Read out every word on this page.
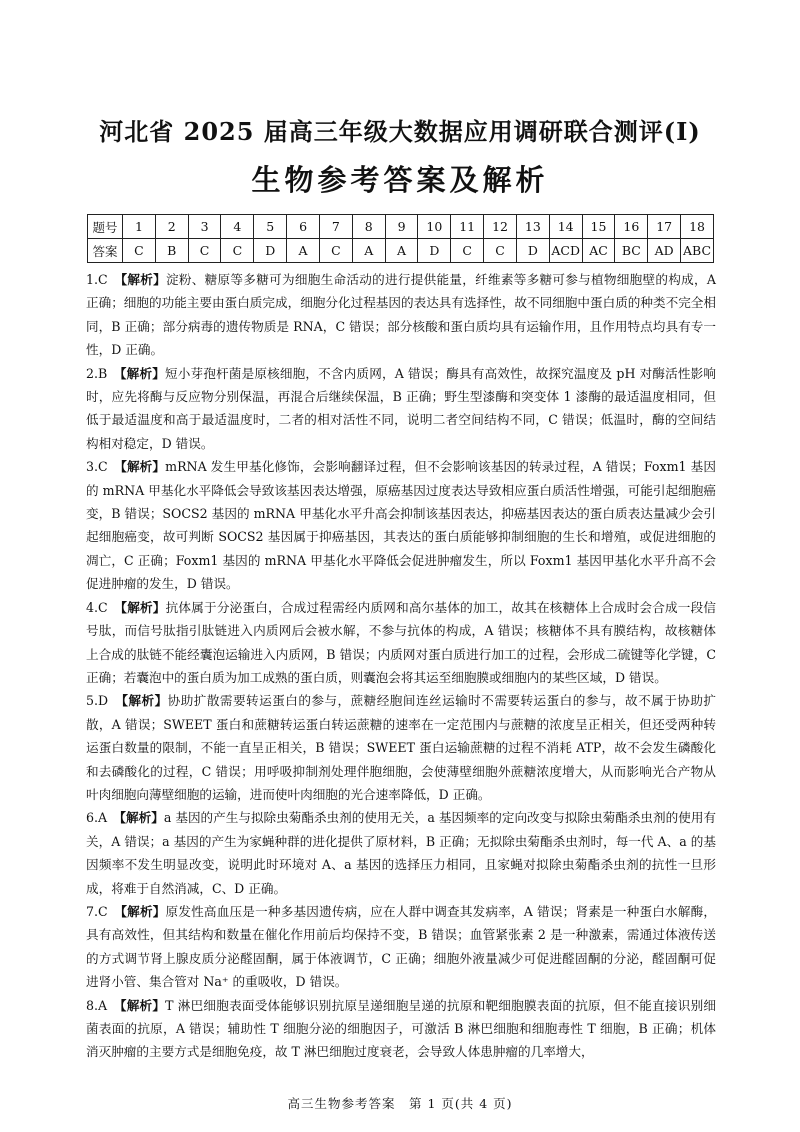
河北省 2025 届高三年级大数据应用调研联合测评(Ⅰ)
生物参考答案及解析
题号	1	2	3	4	5	6	7	8	9	10	11	12	13	14	15	16	17	18
答案	C	B	C	C	D	A	C	A	A	D	C	C	D	ACD	AC	BC	AD	ABC
1.C　 【解析】淀粉、糖原等多糖可为细胞生命活动的进行提供能量，纤维素等多糖可参与植物细胞壁的构成，A 正确；细胞的功能主要由蛋白质完成，细胞分化过程基因的表达具有选择性，故不同细胞中蛋白质的种类不完全相同，B 正确；部分病毒的遗传物质是 RNA，C 错误；部分核酸和蛋白质均具有运输作用，且作用特点均具有专一性，D 正确。
2.B　 【解析】短小芽孢杆菌是原核细胞，不含内质网，A 错误；酶具有高效性，故探究温度及 pH 对酶活性影响时，应先将酶与反应物分别保温，再混合后继续保温，B 正确；野生型漆酶和突变体 1 漆酶的最适温度相同，但低于最适温度和高于最适温度时，二者的相对活性不同，说明二者空间结构不同，C 错误；低温时，酶的空间结构相对稳定，D 错误。
3.C　 【解析】mRNA 发生甲基化修饰，会影响翻译过程，但不会影响该基因的转录过程，A 错误；Foxm1 基因的 mRNA 甲基化水平降低会导致该基因表达增强，原癌基因过度表达导致相应蛋白质活性增强，可能引起细胞癌变，B 错误；SOCS2 基因的 mRNA 甲基化水平升高会抑制该基因表达，抑癌基因表达的蛋白质表达量减少会引起细胞癌变，故可判断 SOCS2 基因属于抑癌基因，其表达的蛋白质能够抑制细胞的生长和增殖，或促进细胞的凋亡，C 正确；Foxm1 基因的 mRNA 甲基化水平降低会促进肿瘤发生，所以 Foxm1 基因甲基化水平升高不会促进肿瘤的发生，D 错误。
4.C　 【解析】抗体属于分泌蛋白，合成过程需经内质网和高尔基体的加工，故其在核糖体上合成时会合成一段信号肽，而信号肽指引肽链进入内质网后会被水解，不参与抗体的构成，A 错误；核糖体不具有膜结构，故核糖体上合成的肽链不能经囊泡运输进入内质网，B 错误；内质网对蛋白质进行加工的过程，会形成二硫键等化学键，C 正确；若囊泡中的蛋白质为加工成熟的蛋白质，则囊泡会将其运至细胞膜或细胞内的某些区域，D 错误。
5.D　 【解析】协助扩散需要转运蛋白的参与，蔗糖经胞间连丝运输时不需要转运蛋白的参与，故不属于协助扩散，A 错误；SWEET 蛋白和蔗糖转运蛋白转运蔗糖的速率在一定范围内与蔗糖的浓度呈正相关，但还受两种转运蛋白数量的限制，不能一直呈正相关，B 错误；SWEET 蛋白运输蔗糖的过程不消耗 ATP，故不会发生磷酸化和去磷酸化的过程，C 错误；用呼吸抑制剂处理伴胞细胞，会使薄壁细胞外蔗糖浓度增大，从而影响光合产物从叶肉细胞向薄壁细胞的运输，进而使叶肉细胞的光合速率降低，D 正确。
6.A　 【解析】a 基因的产生与拟除虫菊酯杀虫剂的使用无关，a 基因频率的定向改变与拟除虫菊酯杀虫剂的使用有关，A 错误；a 基因的产生为家蝇种群的进化提供了原材料，B 正确；无拟除虫菊酯杀虫剂时，每一代 A、a 的基因频率不发生明显改变，说明此时环境对 A、a 基因的选择压力相同，且家蝇对拟除虫菊酯杀虫剂的抗性一旦形成，将难于自然消减，C、D 正确。
7.C　 【解析】原发性高血压是一种多基因遗传病，应在人群中调查其发病率，A 错误；肾素是一种蛋白水解酶，具有高效性，但其结构和数量在催化作用前后均保持不变，B 错误；血管紧张素 2 是一种激素，需通过体液传送的方式调节肾上腺皮质分泌醛固酮，属于体液调节，C 正确；细胞外液量减少可促进醛固酮的分泌，醛固酮可促进肾小管、集合管对 Na⁺ 的重吸收，D 错误。
8.A　 【解析】T 淋巴细胞表面受体能够识别抗原呈递细胞呈递的抗原和靶细胞膜表面的抗原，但不能直接识别细菌表面的抗原，A 错误；辅助性 T 细胞分泌的细胞因子，可激活 B 淋巴细胞和细胞毒性 T 细胞，B 正确；机体消灭肿瘤的主要方式是细胞免疫，故 T 淋巴细胞过度衰老，会导致人体患肿瘤的几率增大，
高三生物参考答案　第 1 页(共 4 页)
